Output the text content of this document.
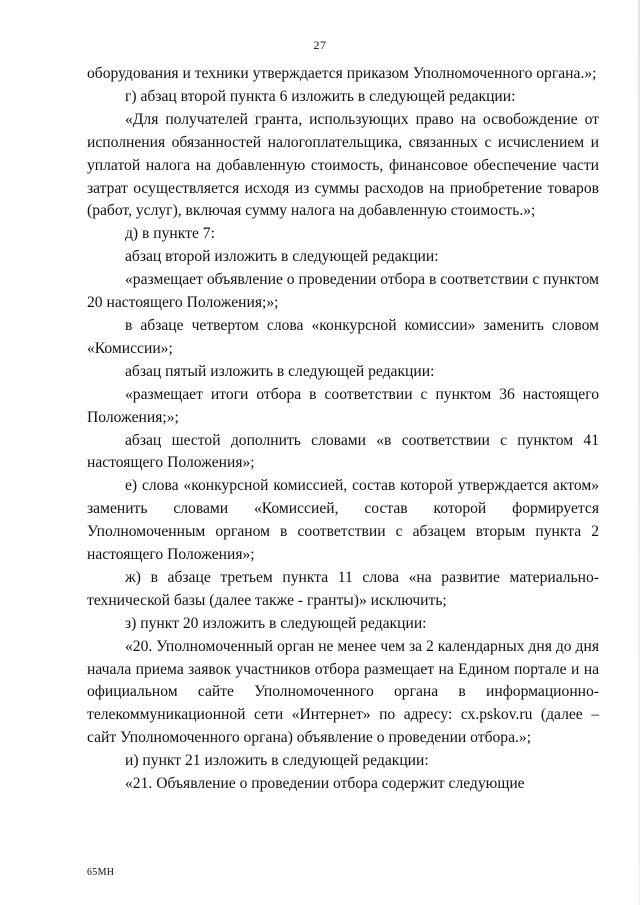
27

оборудования и техники утверждается приказом Уполномоченного органа.»;

г) абзац второй пункта 6 изложить в следующей редакции:

«Для получателей гранта, использующих право на освобождение от исполнения обязанностей налогоплательщика, связанных с исчислением и уплатой налога на добавленную стоимость, финансовое обеспечение части затрат осуществляется исходя из суммы расходов на приобретение товаров (работ, услуг), включая сумму налога на добавленную стоимость.»;

д) в пункте 7:

абзац второй изложить в следующей редакции:

«размещает объявление о проведении отбора в соответствии с пунктом 20 настоящего Положения;»;

в абзаце четвертом слова «конкурсной комиссии» заменить словом «Комиссии»;

абзац пятый изложить в следующей редакции:

«размещает итоги отбора в соответствии с пунктом 36 настоящего Положения;»;

абзац шестой дополнить словами «в соответствии с пунктом 41 настоящего Положения»;

е) слова «конкурсной комиссией, состав которой утверждается актом» заменить словами «Комиссией, состав которой формируется Уполномоченным органом в соответствии с абзацем вторым пункта 2 настоящего Положения»;

ж) в абзаце третьем пункта 11 слова «на развитие материально-технической базы (далее также - гранты)» исключить;

з) пункт 20 изложить в следующей редакции:

«20. Уполномоченный орган не менее чем за 2 календарных дня до дня начала приема заявок участников отбора размещает на Едином портале и на официальном сайте Уполномоченного органа в информационно-телекоммуникационной сети «Интернет» по адресу: сх.pskov.ru (далее – сайт Уполномоченного органа) объявление о проведении отбора.»;

и) пункт 21 изложить в следующей редакции:

«21. Объявление о проведении отбора содержит следующие

65МН
